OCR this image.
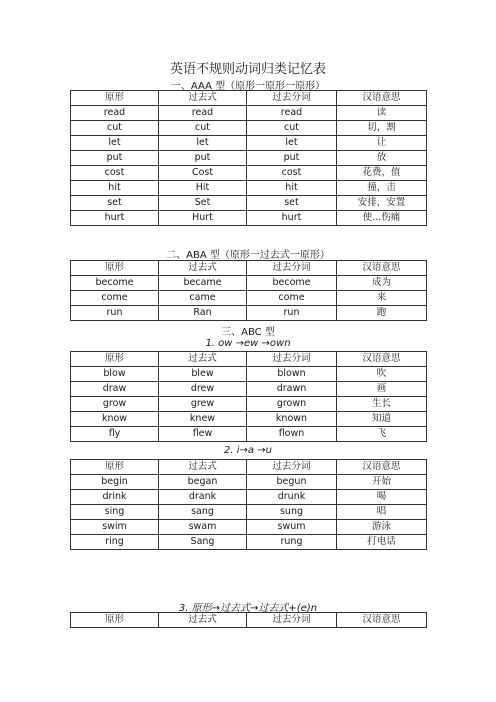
英语不规则动词归类记忆表
一、AAA 型（原形一原形一原形）
原形	过去式	过去分词	汉语意思
read	read	read	读
cut	cut	cut	切，割
let	let	let	让
put	put	put	放
cost	Cost	cost	花费，值
hit	Hit	hit	撞，击
set	Set	set	安排，安置
hurt	Hurt	hurt	使...伤痛
二、ABA 型（原形一过去式一原形）
原形	过去式	过去分词	汉语意思
become	became	become	成为
come	came	come	来
run	Ran	run	跑
三、ABC 型
1. ow →ew →own
原形	过去式	过去分词	汉语意思
blow	blew	blown	吹
draw	drew	drawn	画
grow	grew	grown	生长
know	knew	known	知道
fly	flew	flown	飞
2. i→a →u
原形	过去式	过去分词	汉语意思
begin	began	begun	开始
drink	drank	drunk	喝
sing	sang	sung	唱
swim	swam	swum	游泳
ring	Sang	rung	打电话
3. 原形→过去式→过去式+(e)n
原形	过去式	过去分词	汉语意思
